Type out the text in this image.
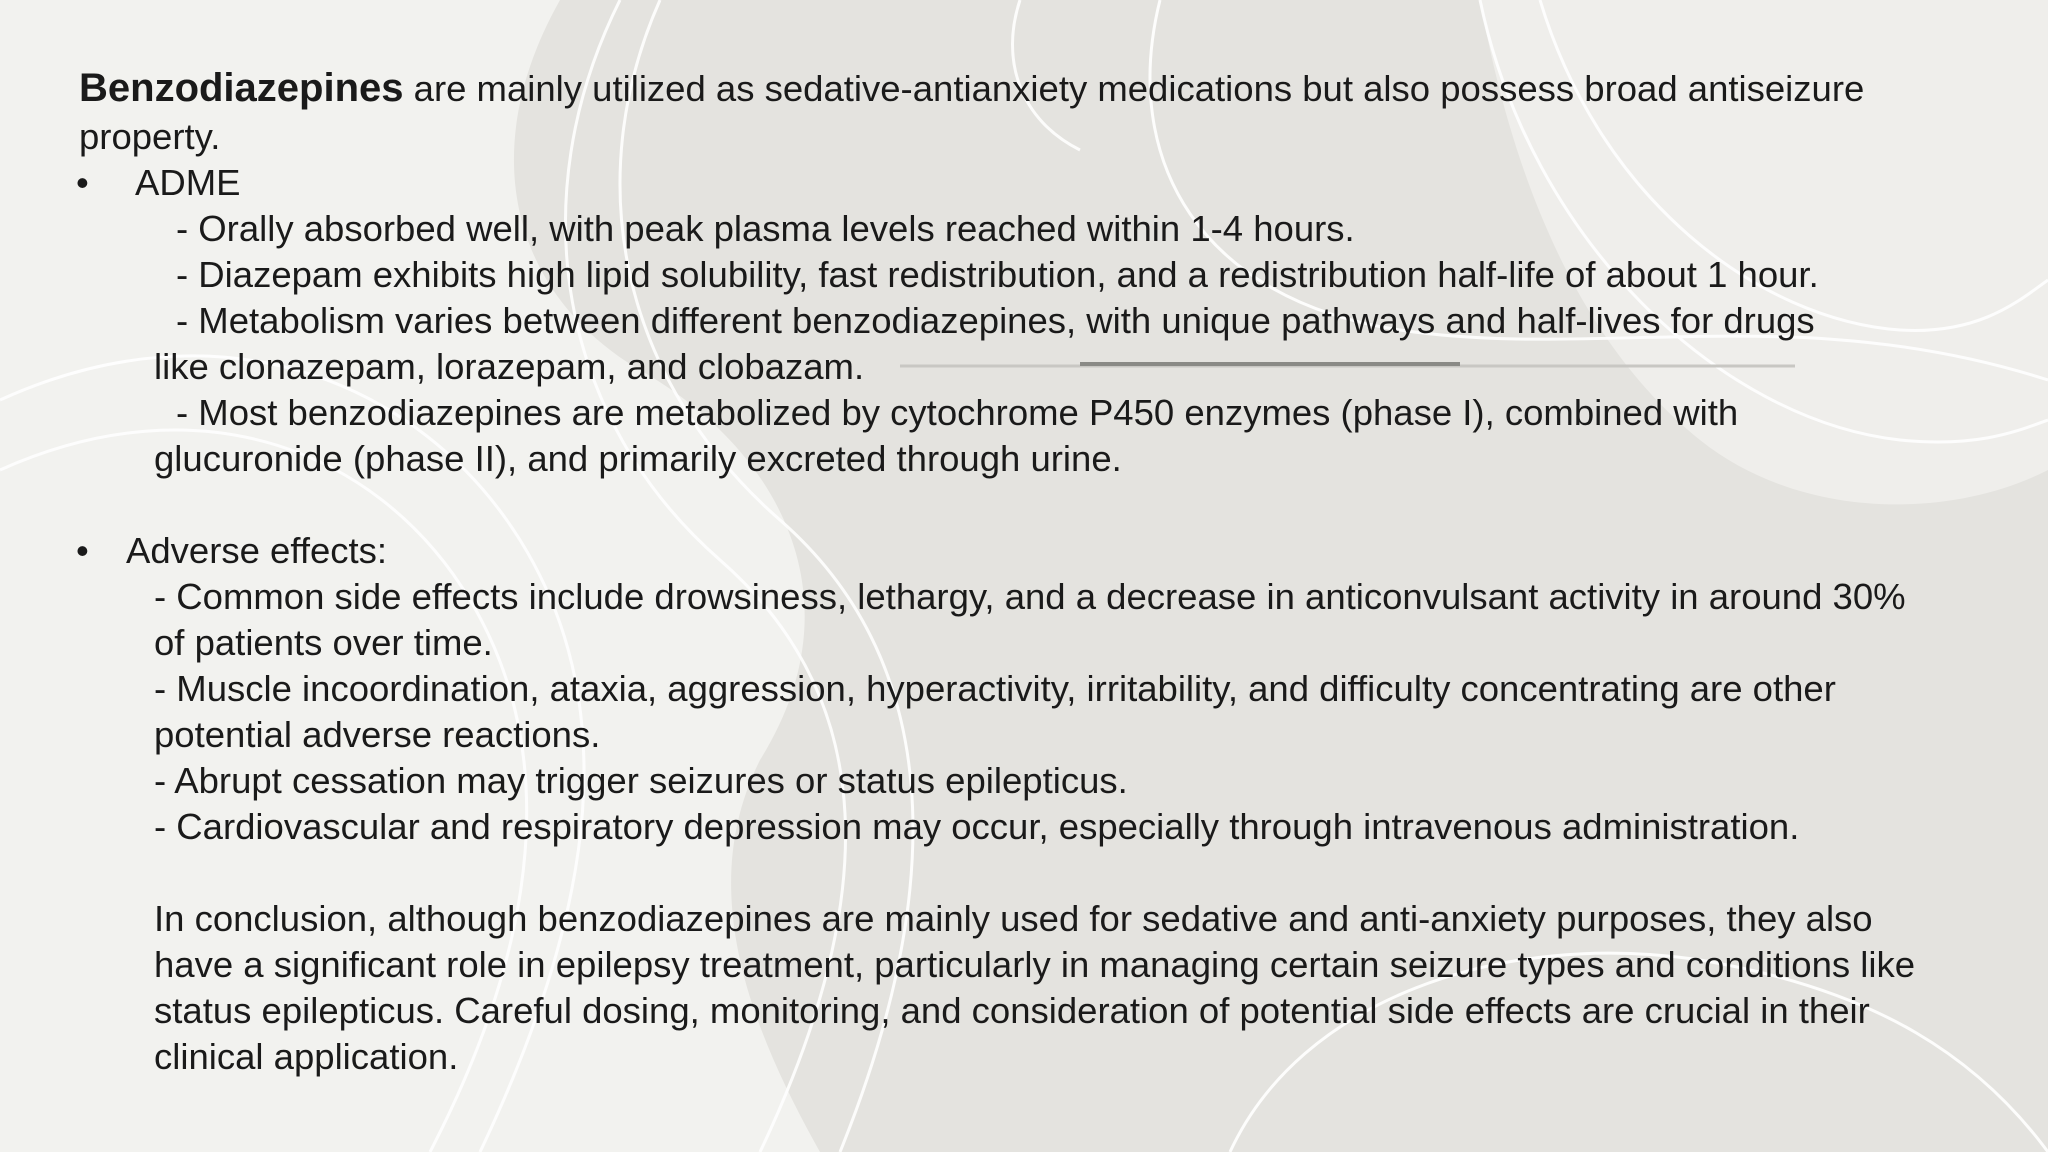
Benzodiazepines are mainly utilized as sedative-antianxiety medications but also possess broad antiseizure
property.
• ADME
- Orally absorbed well, with peak plasma levels reached within 1-4 hours.
- Diazepam exhibits high lipid solubility, fast redistribution, and a redistribution half-life of about 1 hour.
- Metabolism varies between different benzodiazepines, with unique pathways and half-lives for drugs
like clonazepam, lorazepam, and clobazam.
- Most benzodiazepines are metabolized by cytochrome P450 enzymes (phase I), combined with
glucuronide (phase II), and primarily excreted through urine.
• Adverse effects:
- Common side effects include drowsiness, lethargy, and a decrease in anticonvulsant activity in around 30%
of patients over time.
- Muscle incoordination, ataxia, aggression, hyperactivity, irritability, and difficulty concentrating are other
potential adverse reactions.
- Abrupt cessation may trigger seizures or status epilepticus.
- Cardiovascular and respiratory depression may occur, especially through intravenous administration.
In conclusion, although benzodiazepines are mainly used for sedative and anti-anxiety purposes, they also
have a significant role in epilepsy treatment, particularly in managing certain seizure types and conditions like
status epilepticus. Careful dosing, monitoring, and consideration of potential side effects are crucial in their
clinical application.
